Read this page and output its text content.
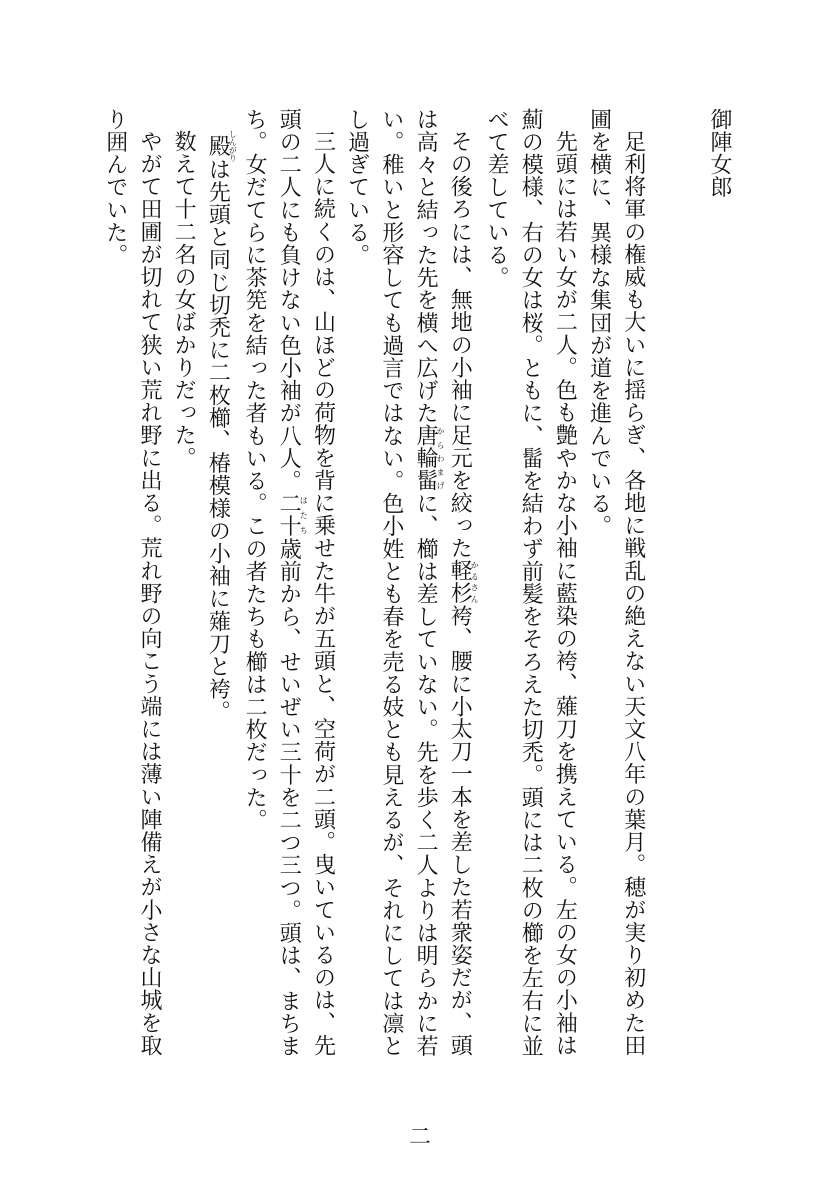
御陣女郎

足利将軍の権威も大いに揺らぎ、各地に戦乱の絶えない天文八年の葉月。穂が実り初めた田圃を横に、異様な集団が道を進んでいる。

先頭には若い女が二人。色も艶やかな小袖に藍染の袴、薙刀を携えている。左の女の小袖は薊の模様、右の女は桜。ともに、髷を結わず前髪をそろえた切禿。頭には二枚の櫛を左右に並べて差している。

その後ろには、無地の小袖に足元を絞った軽杉かるさん袴、腰に小太刀一本を差した若衆姿だが、頭は高々と結った先を横へ広げた唐輪髷からわまげに、櫛は差していない。先を歩く二人よりは明らかに若い。稚いと形容しても過言ではない。色小姓とも春を売る妓とも見えるが、それにしては凛とし過ぎている。

三人に続くのは、山ほどの荷物を背に乗せた牛が五頭と、空荷が二頭。曳いているのは、先頭の二人にも負けない色小袖が八人。二十はたち歳前から、せいぜい三十を二つ三つ。頭は、まちまち。女だてらに茶筅を結った者もいる。この者たちも櫛は二枚だった。

殿しんがりは先頭と同じ切禿に二枚櫛、椿模様の小袖に薙刀と袴。

数えて十二名の女ばかりだった。

やがて田圃が切れて狭い荒れ野に出る。荒れ野の向こう端には薄い陣備えが小さな山城を取り囲んでいた。

二
